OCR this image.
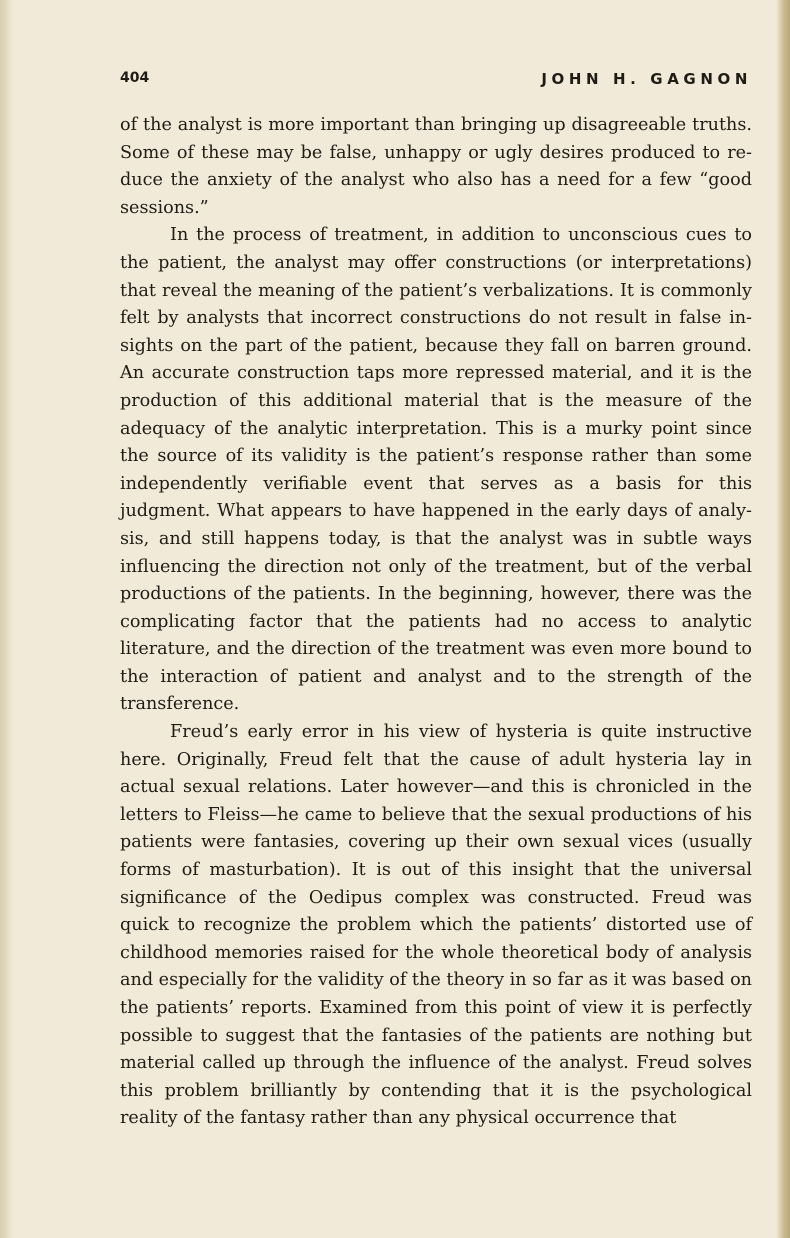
404	JOHN H. GAGNON

of the analyst is more important than bringing up disagreeable truths. Some of these may be false, unhappy or ugly desires produced to reduce the anxiety of the analyst who also has a need for a few “good sessions.”

In the process of treatment, in addition to unconscious cues to the patient, the analyst may offer constructions (or interpretations) that reveal the meaning of the patient’s verbalizations. It is commonly felt by analysts that incorrect constructions do not result in false insights on the part of the patient, because they fall on barren ground. An accurate construction taps more repressed material, and it is the production of this additional material that is the measure of the adequacy of the analytic interpretation. This is a murky point since the source of its validity is the patient’s response rather than some independently verifiable event that serves as a basis for this judgment. What appears to have happened in the early days of analysis, and still happens today, is that the analyst was in subtle ways influencing the direction not only of the treatment, but of the verbal productions of the patients. In the beginning, however, there was the complicating factor that the patients had no access to analytic literature, and the direction of the treatment was even more bound to the interaction of patient and analyst and to the strength of the transference.

Freud’s early error in his view of hysteria is quite instructive here. Originally, Freud felt that the cause of adult hysteria lay in actual sexual relations. Later however—and this is chronicled in the letters to Fleiss—he came to believe that the sexual productions of his patients were fantasies, covering up their own sexual vices (usually forms of masturbation). It is out of this insight that the universal significance of the Oedipus complex was constructed. Freud was quick to recognize the problem which the patients’ distorted use of childhood memories raised for the whole theoretical body of analysis and especially for the validity of the theory in so far as it was based on the patients’ reports. Examined from this point of view it is perfectly possible to suggest that the fantasies of the patients are nothing but material called up through the influence of the analyst. Freud solves this problem brilliantly by contending that it is the psychological reality of the fantasy rather than any physical occurrence that
